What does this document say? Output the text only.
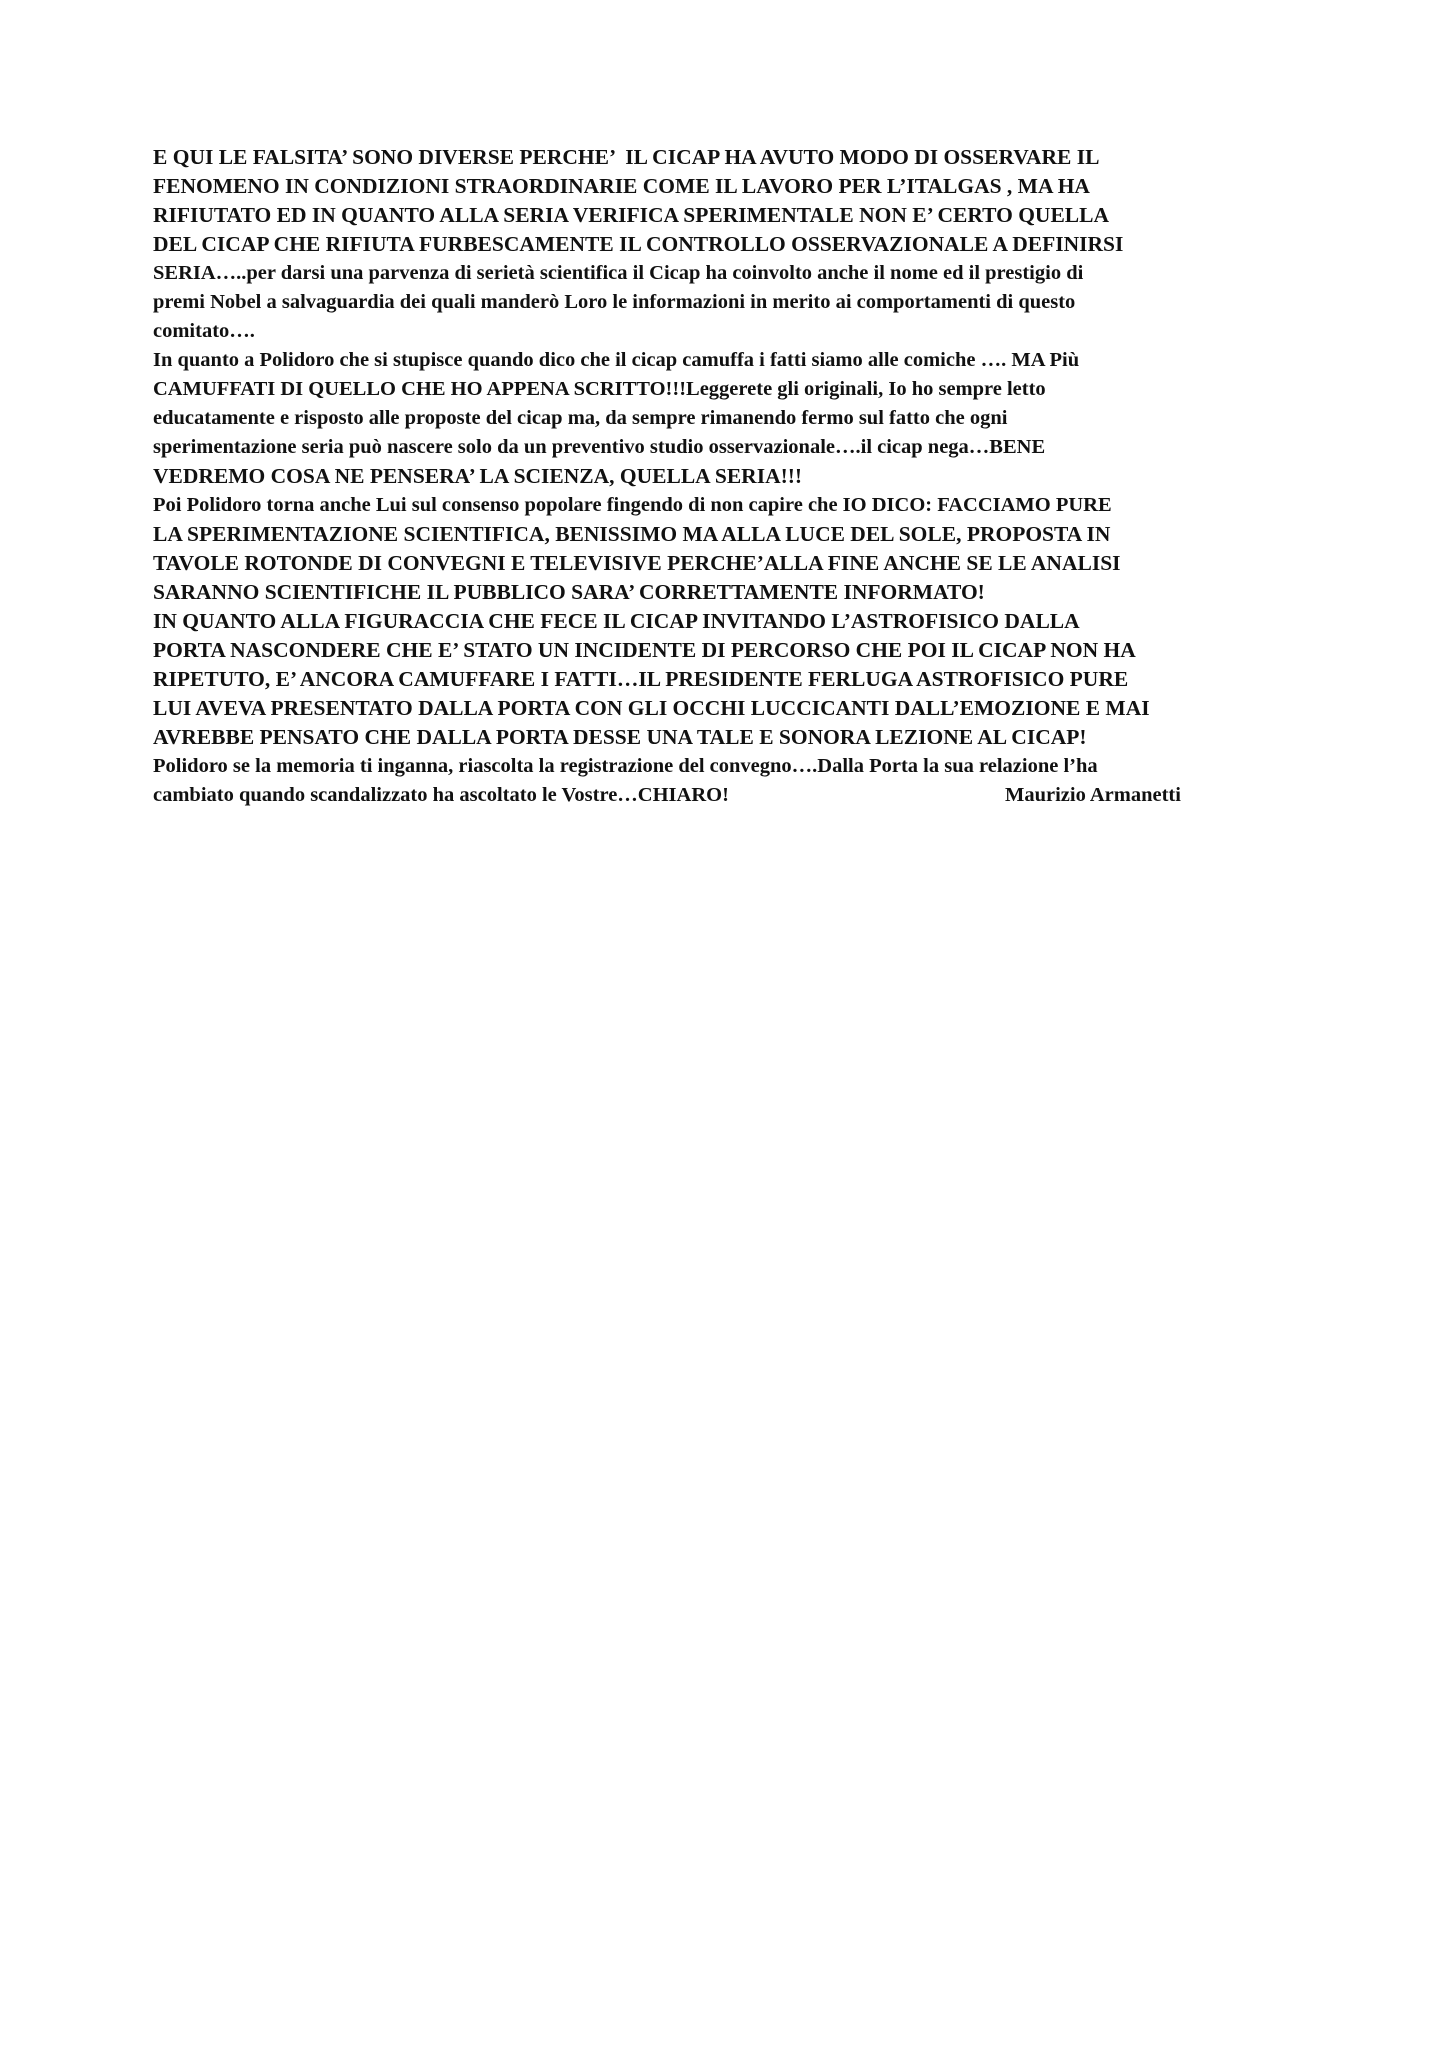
E QUI LE FALSITA’ SONO DIVERSE PERCHE’  IL CICAP HA AVUTO MODO DI OSSERVARE IL
FENOMENO IN CONDIZIONI STRAORDINARIE COME IL LAVORO PER L’ITALGAS , MA HA
RIFIUTATO ED IN QUANTO ALLA SERIA VERIFICA SPERIMENTALE NON E’ CERTO QUELLA
DEL CICAP CHE RIFIUTA FURBESCAMENTE IL CONTROLLO OSSERVAZIONALE A DEFINIRSI
SERIA…..per darsi una parvenza di serietà scientifica il Cicap ha coinvolto anche il nome ed il prestigio di
premi Nobel a salvaguardia dei quali manderò Loro le informazioni in merito ai comportamenti di questo
comitato….
In quanto a Polidoro che si stupisce quando dico che il cicap camuffa i fatti siamo alle comiche …. MA Più
CAMUFFATI DI QUELLO CHE HO APPENA SCRITTO!!!Leggerete gli originali, Io ho sempre letto
educatamente e risposto alle proposte del cicap ma, da sempre rimanendo fermo sul fatto che ogni
sperimentazione seria può nascere solo da un preventivo studio osservazionale….il cicap nega…BENE
VEDREMO COSA NE PENSERA’ LA SCIENZA, QUELLA SERIA!!!
Poi Polidoro torna anche Lui sul consenso popolare fingendo di non capire che IO DICO: FACCIAMO PURE
LA SPERIMENTAZIONE SCIENTIFICA, BENISSIMO MA ALLA LUCE DEL SOLE, PROPOSTA IN
TAVOLE ROTONDE DI CONVEGNI E TELEVISIVE PERCHE’ALLA FINE ANCHE SE LE ANALISI
SARANNO SCIENTIFICHE IL PUBBLICO SARA’ CORRETTAMENTE INFORMATO!
IN QUANTO ALLA FIGURACCIA CHE FECE IL CICAP INVITANDO L’ASTROFISICO DALLA
PORTA NASCONDERE CHE E’ STATO UN INCIDENTE DI PERCORSO CHE POI IL CICAP NON HA
RIPETUTO, E’ ANCORA CAMUFFARE I FATTI…IL PRESIDENTE FERLUGA ASTROFISICO PURE
LUI AVEVA PRESENTATO DALLA PORTA CON GLI OCCHI LUCCICANTI DALL’EMOZIONE E MAI
AVREBBE PENSATO CHE DALLA PORTA DESSE UNA TALE E SONORA LEZIONE AL CICAP!
Polidoro se la memoria ti inganna, riascolta la registrazione del convegno….Dalla Porta la sua relazione l’ha
cambiato quando scandalizzato ha ascoltato le Vostre…CHIARO!	Maurizio Armanetti
